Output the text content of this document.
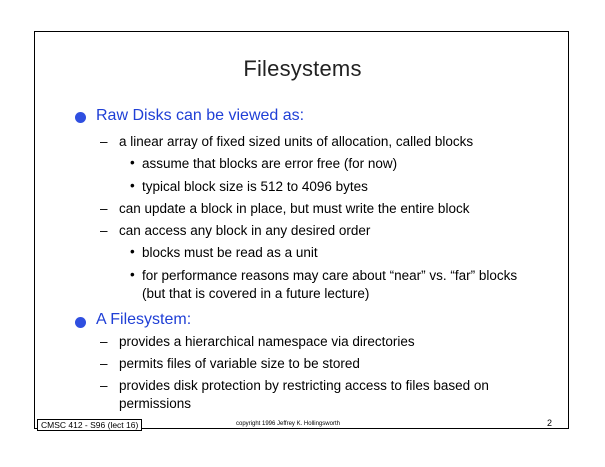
Filesystems
Raw Disks can be viewed as:
– a linear array of fixed sized units of allocation, called blocks
• assume that blocks are error free (for now)
• typical block size is 512 to 4096 bytes
– can update a block in place, but must write the entire block
– can access any block in any desired order
• blocks must be read as a unit
• for performance reasons may care about “near” vs. “far” blocks (but that is covered in a future lecture)
A Filesystem:
– provides a hierarchical namespace via directories
– permits files of variable size to be stored
– provides disk protection by restricting access to files based on permissions
CMSC 412 - S96 (lect 16)	copyright 1996 Jeffrey K. Hollingsworth	2
